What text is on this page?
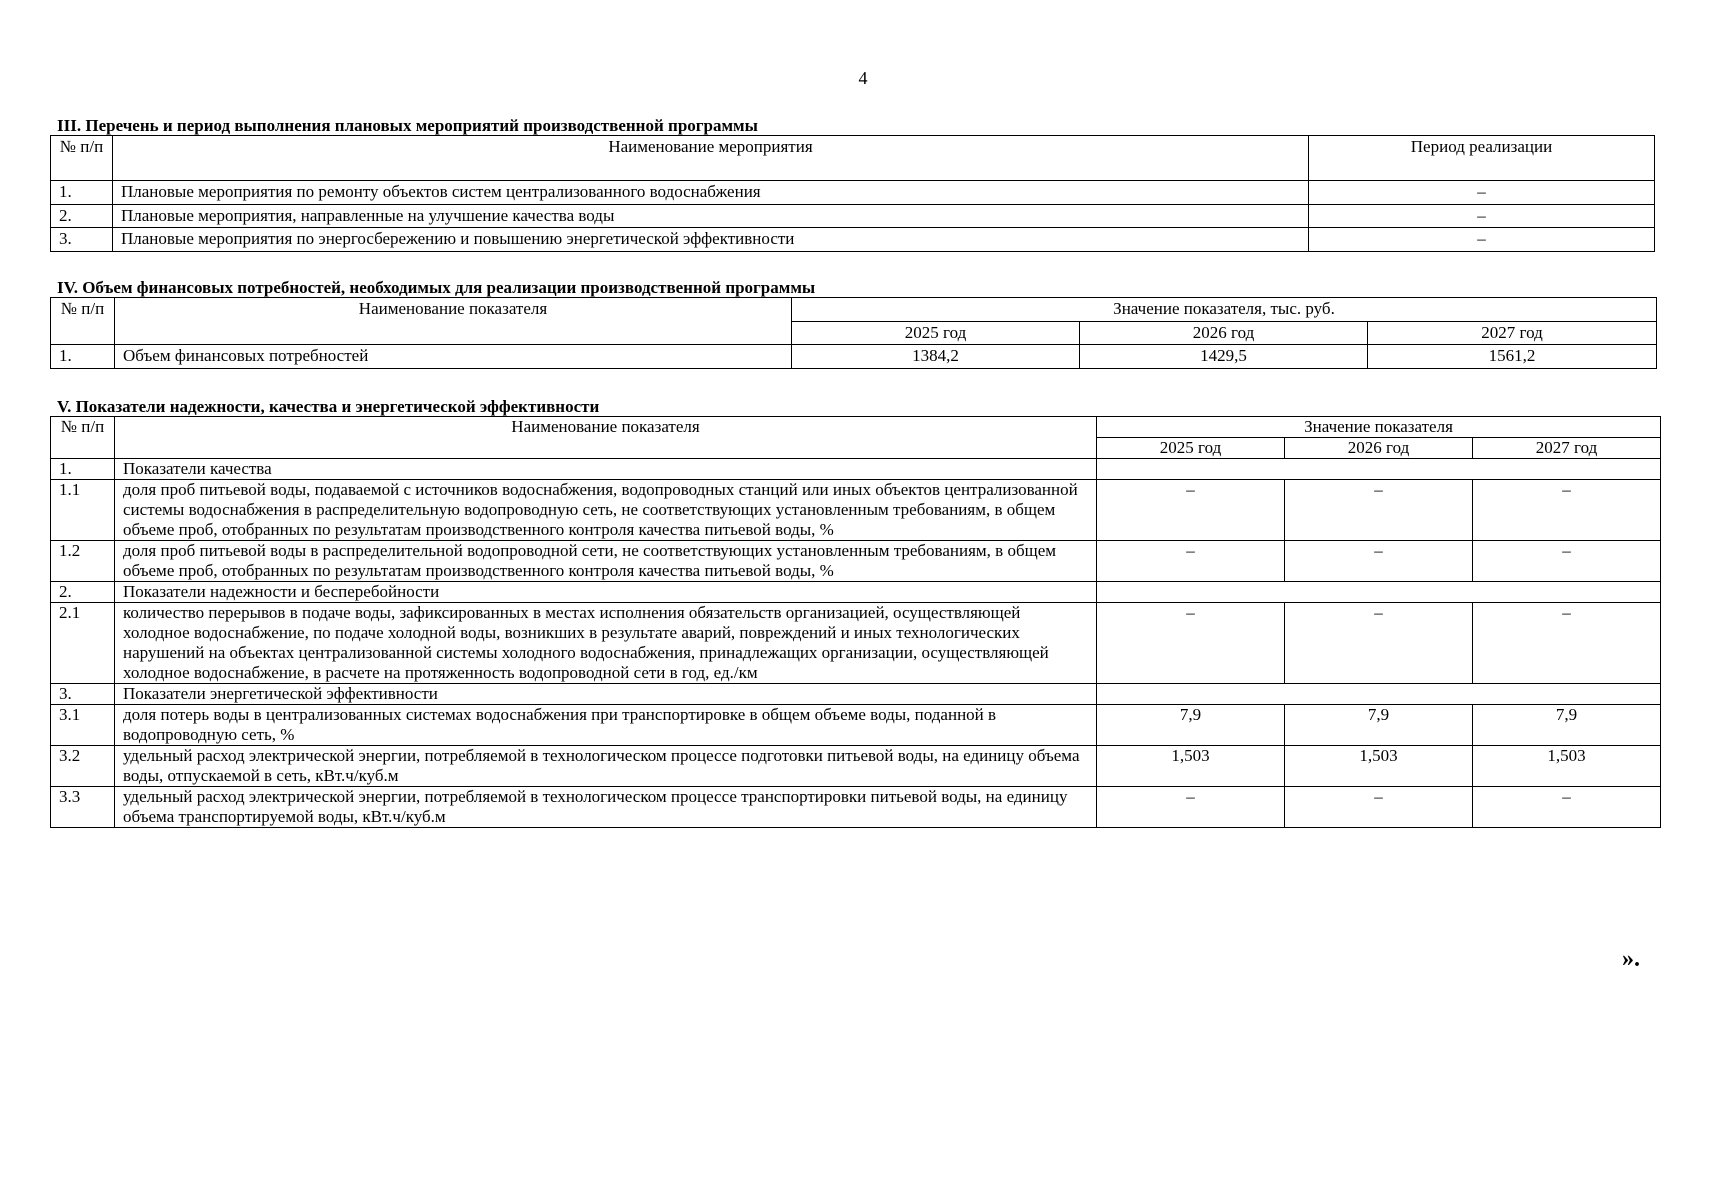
4
III. Перечень и период выполнения плановых мероприятий производственной программы
№ п/п	Наименование мероприятия	Период реализации
1.	Плановые мероприятия по ремонту объектов систем централизованного водоснабжения	–
2.	Плановые мероприятия, направленные на улучшение качества воды	–
3.	Плановые мероприятия по энергосбережению и повышению энергетической эффективности	–
IV. Объем финансовых потребностей, необходимых для реализации производственной программы
№ п/п	Наименование показателя	Значение показателя, тыс. руб.		
		2025 год	2026 год	2027 год
1.	Объем финансовых потребностей	1384,2	1429,5	1561,2
V. Показатели надежности, качества и энергетической эффективности
№ п/п	Наименование показателя	Значение показателя		
		2025 год	2026 год	2027 год
1.	Показатели качества			
1.1	доля проб питьевой воды, подаваемой с источников водоснабжения, водопроводных станций или иных объектов централизованной системы водоснабжения в распределительную водопроводную сеть, не соответствующих установленным требованиям, в общем объеме проб, отобранных по результатам производственного контроля качества питьевой воды, %	–	–	–
1.2	доля проб питьевой воды в распределительной водопроводной сети, не соответствующих установленным требованиям, в общем объеме проб, отобранных по результатам производственного контроля качества питьевой воды, %	–	–	–
2.	Показатели надежности и бесперебойности			
2.1	количество перерывов в подаче воды, зафиксированных в местах исполнения обязательств организацией, осуществляющей холодное водоснабжение, по подаче холодной воды, возникших в результате аварий, повреждений и иных технологических нарушений на объектах централизованной системы холодного водоснабжения, принадлежащих организации, осуществляющей холодное водоснабжение, в расчете на протяженность водопроводной сети в год, ед./км	–	–	–
3.	Показатели энергетической эффективности			
3.1	доля потерь воды в централизованных системах водоснабжения при транспортировке в общем объеме воды, поданной в водопроводную сеть, %	7,9	7,9	7,9
3.2	удельный расход электрической энергии, потребляемой в технологическом процессе подготовки питьевой воды, на единицу объема воды, отпускаемой в сеть, кВт.ч/куб.м	1,503	1,503	1,503
3.3	удельный расход электрической энергии, потребляемой в технологическом процессе транспортировки питьевой воды, на единицу объема транспортируемой воды, кВт.ч/куб.м	–	–	–
».
